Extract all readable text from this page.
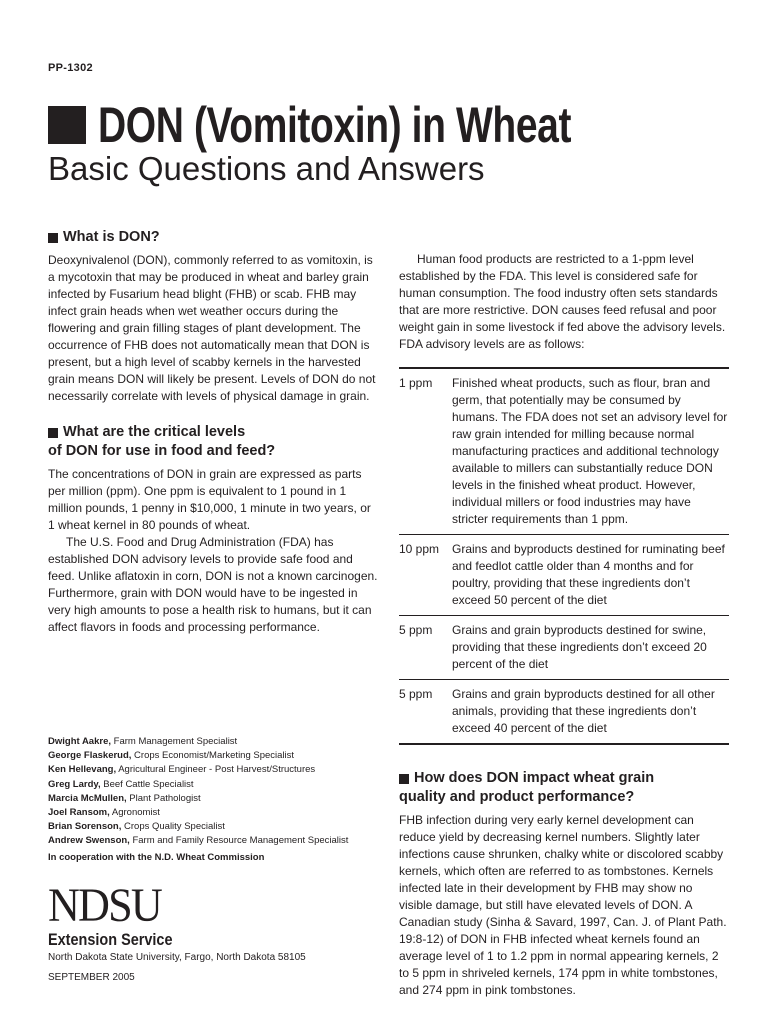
PP-1302
DON (Vomitoxin) in Wheat
Basic Questions and Answers
What is DON?

Deoxynivalenol (DON), commonly referred to as vomitoxin, is a mycotoxin that may be produced in wheat and barley grain infected by Fusarium head blight (FHB) or scab. FHB may infect grain heads when wet weather occurs during the flowering and grain filling stages of plant development. The occurrence of FHB does not automatically mean that DON is present, but a high level of scabby kernels in the harvested grain means DON will likely be present. Levels of DON do not necessarily correlate with levels of physical damage in grain.

What are the critical levels
of DON for use in food and feed?

The concentrations of DON in grain are expressed as parts per million (ppm). One ppm is equivalent to 1 pound in 1 million pounds, 1 penny in $10,000, 1 minute in two years, or 1 wheat kernel in 80 pounds of wheat.

The U.S. Food and Drug Administration (FDA) has established DON advisory levels to provide safe food and feed. Unlike aflatoxin in corn, DON is not a known carcinogen. Furthermore, grain with DON would have to be ingested in very high amounts to pose a health risk to humans, but it can affect flavors in foods and processing performance.

Dwight Aakre, Farm Management Specialist
George Flaskerud, Crops Economist/Marketing Specialist
Ken Hellevang, Agricultural Engineer - Post Harvest/Structures
Greg Lardy, Beef Cattle Specialist
Marcia McMullen, Plant Pathologist
Joel Ransom, Agronomist
Brian Sorenson, Crops Quality Specialist
Andrew Swenson, Farm and Family Resource Management Specialist
In cooperation with the N.D. Wheat Commission
NDSU
Extension Service
North Dakota State University, Fargo, North Dakota 58105
SEPTEMBER 2005

Human food products are restricted to a 1-ppm level established by the FDA. This level is considered safe for human consumption. The food industry often sets standards that are more restrictive. DON causes feed refusal and poor weight gain in some livestock if fed above the advisory levels. FDA advisory levels are as follows:

1 ppm	Finished wheat products, such as flour, bran and germ, that potentially may be consumed by humans. The FDA does not set an advisory level for raw grain intended for milling because normal manufacturing practices and additional technology available to millers can substantially reduce DON levels in the finished wheat product. However, individual millers or food industries may have stricter requirements than 1 ppm.
10 ppm	Grains and byproducts destined for ruminating beef and feedlot cattle older than 4 months and for poultry, providing that these ingredients don’t exceed 50 percent of the diet
5 ppm	Grains and grain byproducts destined for swine, providing that these ingredients don’t exceed 20 percent of the diet
5 ppm	Grains and grain byproducts destined for all other animals, providing that these ingredients don’t exceed 40 percent of the diet
How does DON impact wheat grain
quality and product performance?

FHB infection during very early kernel development can reduce yield by decreasing kernel numbers. Slightly later infections cause shrunken, chalky white or discolored scabby kernels, which often are referred to as tombstones. Kernels infected late in their development by FHB may show no visible damage, but still have elevated levels of DON. A Canadian study (Sinha & Savard, 1997, Can. J. of Plant Path. 19:8-12) of DON in FHB infected wheat kernels found an average level of 1 to 1.2 ppm in normal appearing kernels, 2 to 5 ppm in shriveled kernels, 174 ppm in white tombstones, and 274 ppm in pink tombstones.
